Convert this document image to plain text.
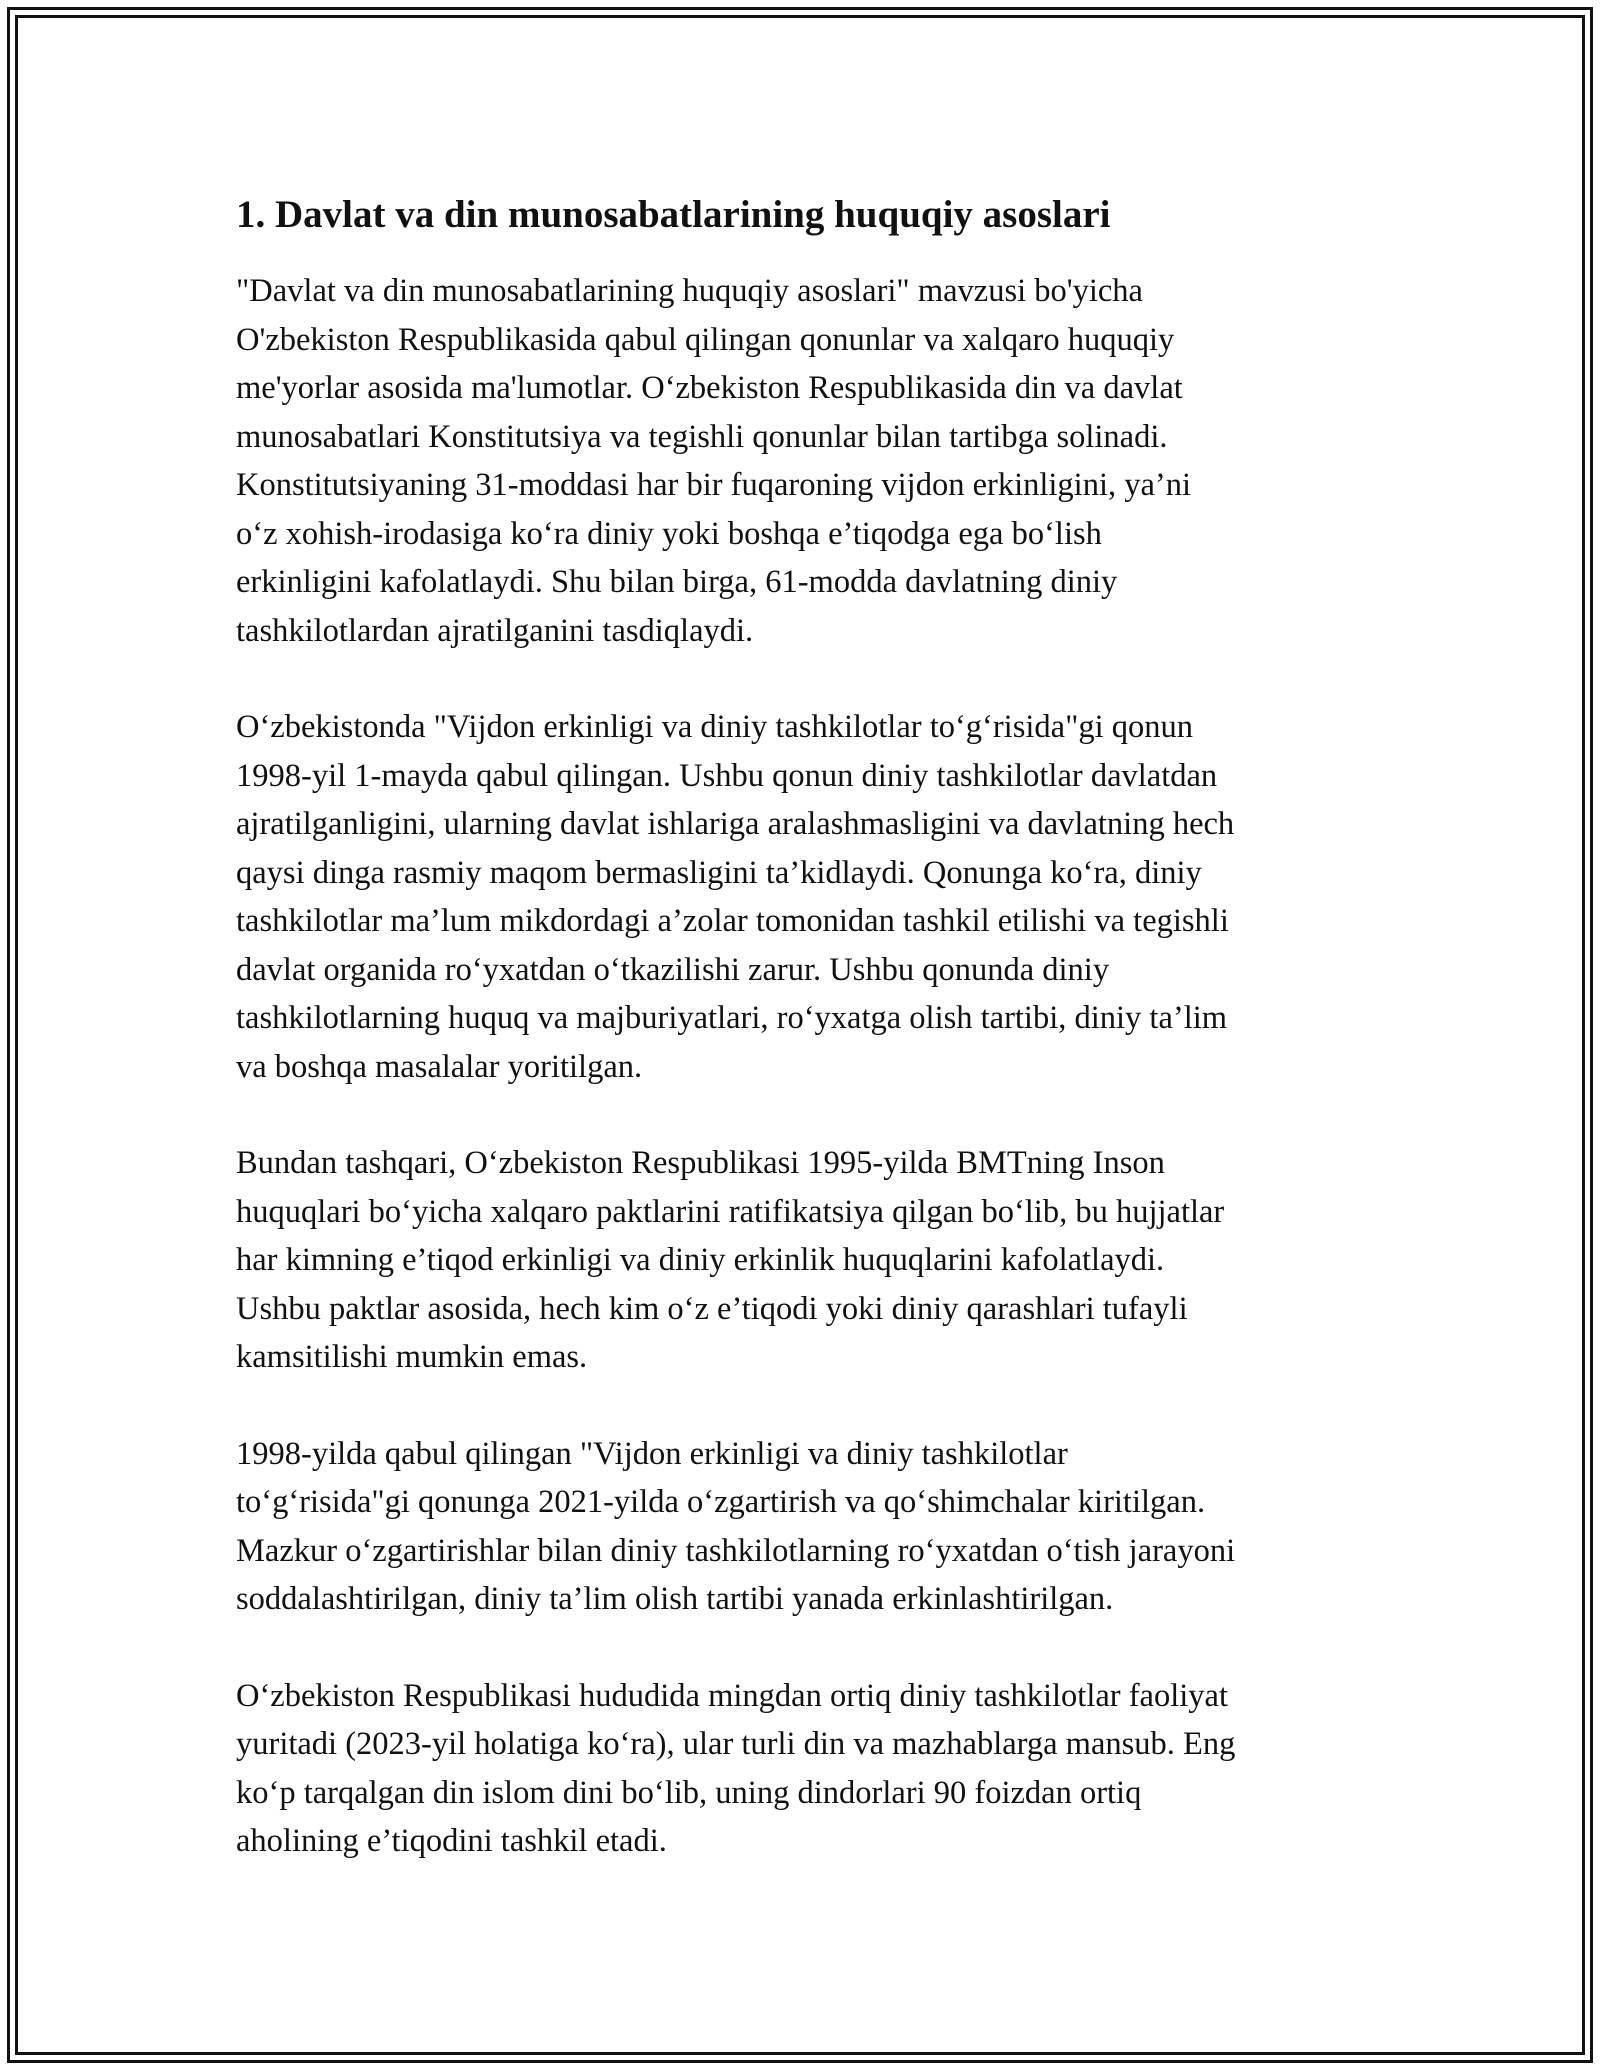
1. Davlat va din munosabatlarining huquqiy asoslari

"Davlat va din munosabatlarining huquqiy asoslari" mavzusi bo'yicha
O'zbekiston Respublikasida qabul qilingan qonunlar va xalqaro huquqiy
me'yorlar asosida ma'lumotlar. O‘zbekiston Respublikasida din va davlat
munosabatlari Konstitutsiya va tegishli qonunlar bilan tartibga solinadi.
Konstitutsiyaning 31-moddasi har bir fuqaroning vijdon erkinligini, ya’ni
o‘z xohish-irodasiga ko‘ra diniy yoki boshqa e’tiqodga ega bo‘lish
erkinligini kafolatlaydi. Shu bilan birga, 61-modda davlatning diniy
tashkilotlardan ajratilganini tasdiqlaydi.

O‘zbekistonda "Vijdon erkinligi va diniy tashkilotlar to‘g‘risida"gi qonun
1998-yil 1-mayda qabul qilingan. Ushbu qonun diniy tashkilotlar davlatdan
ajratilganligini, ularning davlat ishlariga aralashmasligini va davlatning hech
qaysi dinga rasmiy maqom bermasligini ta’kidlaydi. Qonunga ko‘ra, diniy
tashkilotlar ma’lum mikdordagi a’zolar tomonidan tashkil etilishi va tegishli
davlat organida ro‘yxatdan o‘tkazilishi zarur. Ushbu qonunda diniy
tashkilotlarning huquq va majburiyatlari, ro‘yxatga olish tartibi, diniy ta’lim
va boshqa masalalar yoritilgan.

Bundan tashqari, O‘zbekiston Respublikasi 1995-yilda BMTning Inson
huquqlari bo‘yicha xalqaro paktlarini ratifikatsiya qilgan bo‘lib, bu hujjatlar
har kimning e’tiqod erkinligi va diniy erkinlik huquqlarini kafolatlaydi.
Ushbu paktlar asosida, hech kim o‘z e’tiqodi yoki diniy qarashlari tufayli
kamsitilishi mumkin emas.

1998-yilda qabul qilingan "Vijdon erkinligi va diniy tashkilotlar
to‘g‘risida"gi qonunga 2021-yilda o‘zgartirish va qo‘shimchalar kiritilgan.
Mazkur o‘zgartirishlar bilan diniy tashkilotlarning ro‘yxatdan o‘tish jarayoni
soddalashtirilgan, diniy ta’lim olish tartibi yanada erkinlashtirilgan.

O‘zbekiston Respublikasi hududida mingdan ortiq diniy tashkilotlar faoliyat
yuritadi (2023-yil holatiga ko‘ra), ular turli din va mazhablarga mansub. Eng
ko‘p tarqalgan din islom dini bo‘lib, uning dindorlari 90 foizdan ortiq
aholining e’tiqodini tashkil etadi.
